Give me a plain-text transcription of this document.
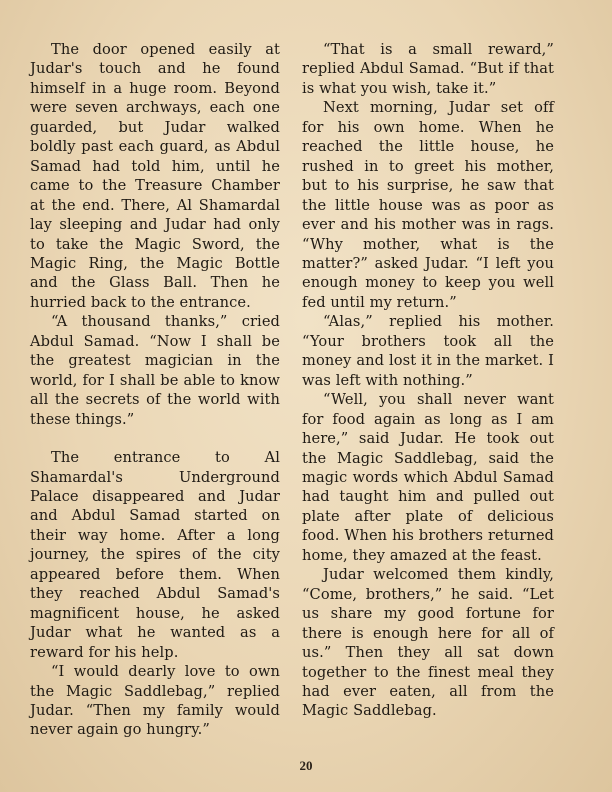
The door opened easily at Judar's touch and he found himself in a huge room. Beyond were seven archways, each one guarded, but Judar walked boldly past each guard, as Abdul Samad had told him, until he came to the Treasure Chamber at the end. There, Al Shamardal lay sleeping and Judar had only to take the Magic Sword, the Magic Ring, the Magic Bottle and the Glass Ball. Then he hurried back to the entrance.

“A thousand thanks,” cried Abdul Samad. “Now I shall be the greatest magician in the world, for I shall be able to know all the secrets of the world with these things.”

The entrance to Al Shamardal's Underground Palace disappeared and Judar and Abdul Samad started on their way home. After a long journey, the spires of the city appeared before them. When they reached Abdul Samad's magnificent house, he asked Judar what he wanted as a reward for his help.

“I would dearly love to own the Magic Saddlebag,” replied Judar. “Then my family would never again go hungry.”

“That is a small reward,” replied Abdul Samad. “But if that is what you wish, take it.”

Next morning, Judar set off for his own home. When he reached the little house, he rushed in to greet his mother, but to his surprise, he saw that the little house was as poor as ever and his mother was in rags. “Why mother, what is the matter?” asked Judar. “I left you enough money to keep you well fed until my return.”

“Alas,” replied his mother. “Your brothers took all the money and lost it in the market. I was left with nothing.”

“Well, you shall never want for food again as long as I am here,” said Judar. He took out the Magic Saddlebag, said the magic words which Abdul Samad had taught him and pulled out plate after plate of delicious food. When his brothers returned home, they amazed at the feast.

Judar welcomed them kindly, “Come, brothers,” he said. “Let us share my good fortune for there is enough here for all of us.” Then they all sat down together to the finest meal they had ever eaten, all from the Magic Saddlebag.

20
